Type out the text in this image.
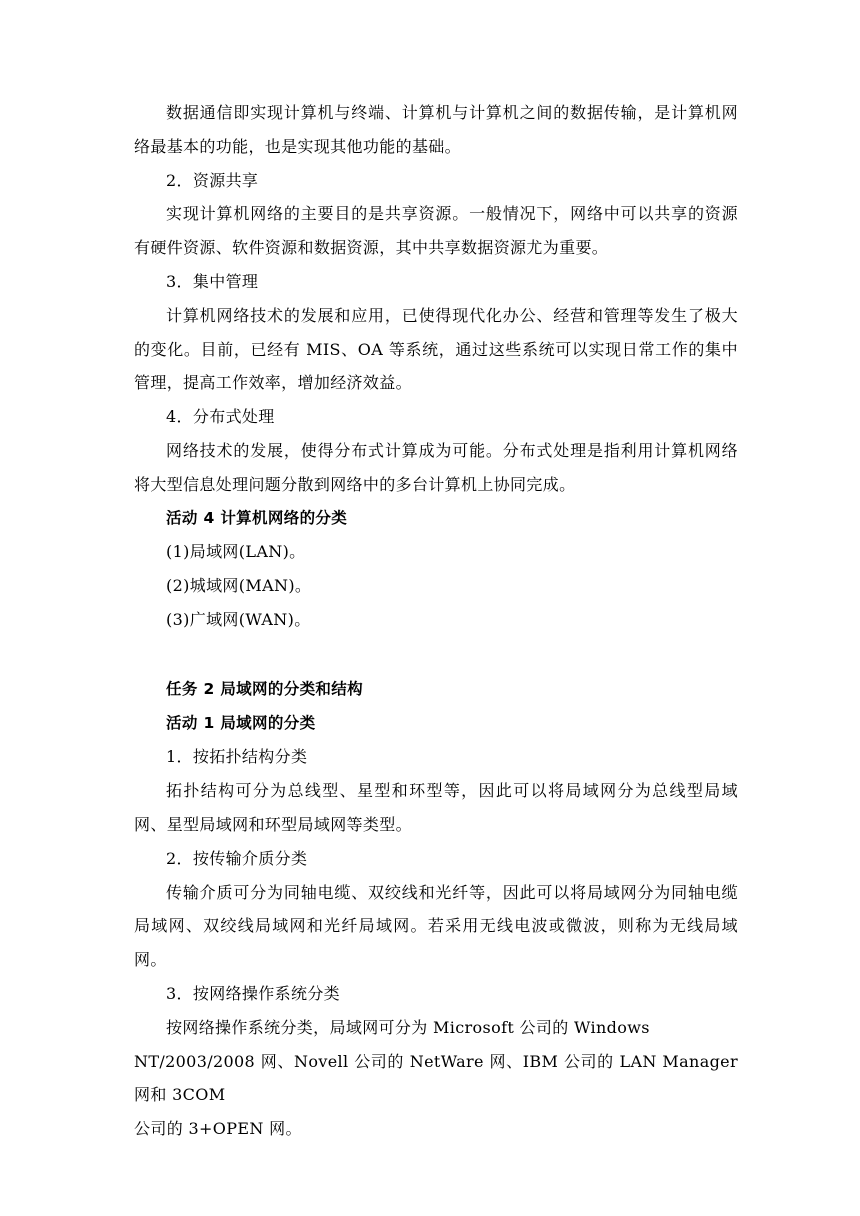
数据通信即实现计算机与终端、计算机与计算机之间的数据传输，是计算机网络最基本的功能，也是实现其他功能的基础。

2．资源共享

实现计算机网络的主要目的是共享资源。一般情况下，网络中可以共享的资源有硬件资源、软件资源和数据资源，其中共享数据资源尤为重要。

3．集中管理

计算机网络技术的发展和应用，已使得现代化办公、经营和管理等发生了极大的变化。目前，已经有 MIS、OA 等系统，通过这些系统可以实现日常工作的集中管理，提高工作效率，增加经济效益。

4．分布式处理

网络技术的发展，使得分布式计算成为可能。分布式处理是指利用计算机网络将大型信息处理问题分散到网络中的多台计算机上协同完成。

活动 4 计算机网络的分类

(1)局域网(LAN)。

(2)城域网(MAN)。

(3)广域网(WAN)。

任务 2 局域网的分类和结构

活动 1 局域网的分类

1．按拓扑结构分类

拓扑结构可分为总线型、星型和环型等，因此可以将局域网分为总线型局域网、星型局域网和环型局域网等类型。

2．按传输介质分类

传输介质可分为同轴电缆、双绞线和光纤等，因此可以将局域网分为同轴电缆局域网、双绞线局域网和光纤局域网。若采用无线电波或微波，则称为无线局域网。

3．按网络操作系统分类

按网络操作系统分类，局域网可分为 Microsoft 公司的 Windows

NT/2003/2008 网、Novell 公司的 NetWare 网、IBM 公司的 LAN Manager 网和 3COM

公司的 3+OPEN 网。
